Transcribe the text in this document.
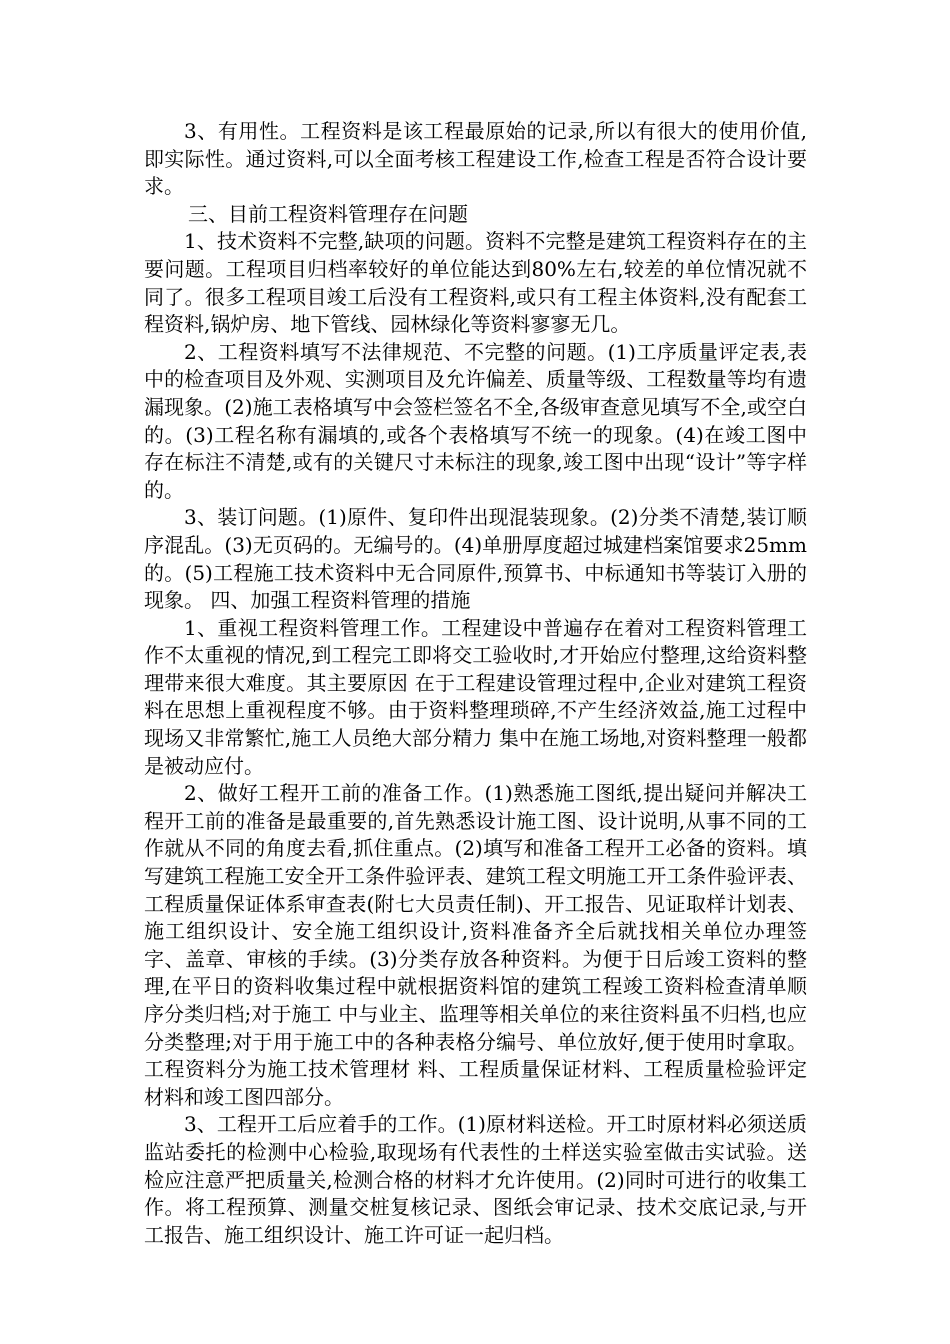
3、有用性。工程资料是该工程最原始的记录,所以有很大的使用价值,即实际性。通过资料,可以全面考核工程建设工作,检查工程是否符合设计要求。

三、目前工程资料管理存在问题

1、技术资料不完整,缺项的问题。资料不完整是建筑工程资料存在的主要问题。工程项目归档率较好的单位能达到80%左右,较差的单位情况就不同了。很多工程项目竣工后没有工程资料,或只有工程主体资料,没有配套工程资料,锅炉房、地下管线、园林绿化等资料寥寥无几。

2、工程资料填写不法律规范、不完整的问题。(1)工序质量评定表,表中的检查项目及外观、实测项目及允许偏差、质量等级、工程数量等均有遗漏现象。(2)施工表格填写中会签栏签名不全,各级审查意见填写不全,或空白的。(3)工程名称有漏填的,或各个表格填写不统一的现象。(4)在竣工图中存在标注不清楚,或有的关键尺寸未标注的现象,竣工图中出现“设计”等字样的。

3、装订问题。(1)原件、复印件出现混装现象。(2)分类不清楚,装订顺序混乱。(3)无页码的。无编号的。(4)单册厚度超过城建档案馆要求25mm的。(5)工程施工技术资料中无合同原件,预算书、中标通知书等装订入册的现象。 四、加强工程资料管理的措施

1、重视工程资料管理工作。工程建设中普遍存在着对工程资料管理工作不太重视的情况,到工程完工即将交工验收时,才开始应付整理,这给资料整理带来很大难度。其主要原因 在于工程建设管理过程中,企业对建筑工程资料在思想上重视程度不够。由于资料整理琐碎,不产生经济效益,施工过程中现场又非常繁忙,施工人员绝大部分精力 集中在施工场地,对资料整理一般都是被动应付。

2、做好工程开工前的准备工作。(1)熟悉施工图纸,提出疑问并解决工程开工前的准备是最重要的,首先熟悉设计施工图、设计说明,从事不同的工作就从不同的角度去看,抓住重点。(2)填写和准备工程开工必备的资料。填写建筑工程施工安全开工条件验评表、建筑工程文明施工开工条件验评表、工程质量保证体系审查表(附七大员责任制)、开工报告、见证取样计划表、施工组织设计、安全施工组织设计,资料准备齐全后就找相关单位办理签字、盖章、审核的手续。(3)分类存放各种资料。为便于日后竣工资料的整理,在平日的资料收集过程中就根据资料馆的建筑工程竣工资料检查清单顺序分类归档;对于施工 中与业主、监理等相关单位的来往资料虽不归档,也应分类整理;对于用于施工中的各种表格分编号、单位放好,便于使用时拿取。工程资料分为施工技术管理材 料、工程质量保证材料、工程质量检验评定材料和竣工图四部分。

3、工程开工后应着手的工作。(1)原材料送检。开工时原材料必须送质监站委托的检测中心检验,取现场有代表性的土样送实验室做击实试验。送检应注意严把质量关,检测合格的材料才允许使用。(2)同时可进行的收集工作。将工程预算、测量交桩复核记录、图纸会审记录、技术交底记录,与开工报告、施工组织设计、施工许可证一起归档。
